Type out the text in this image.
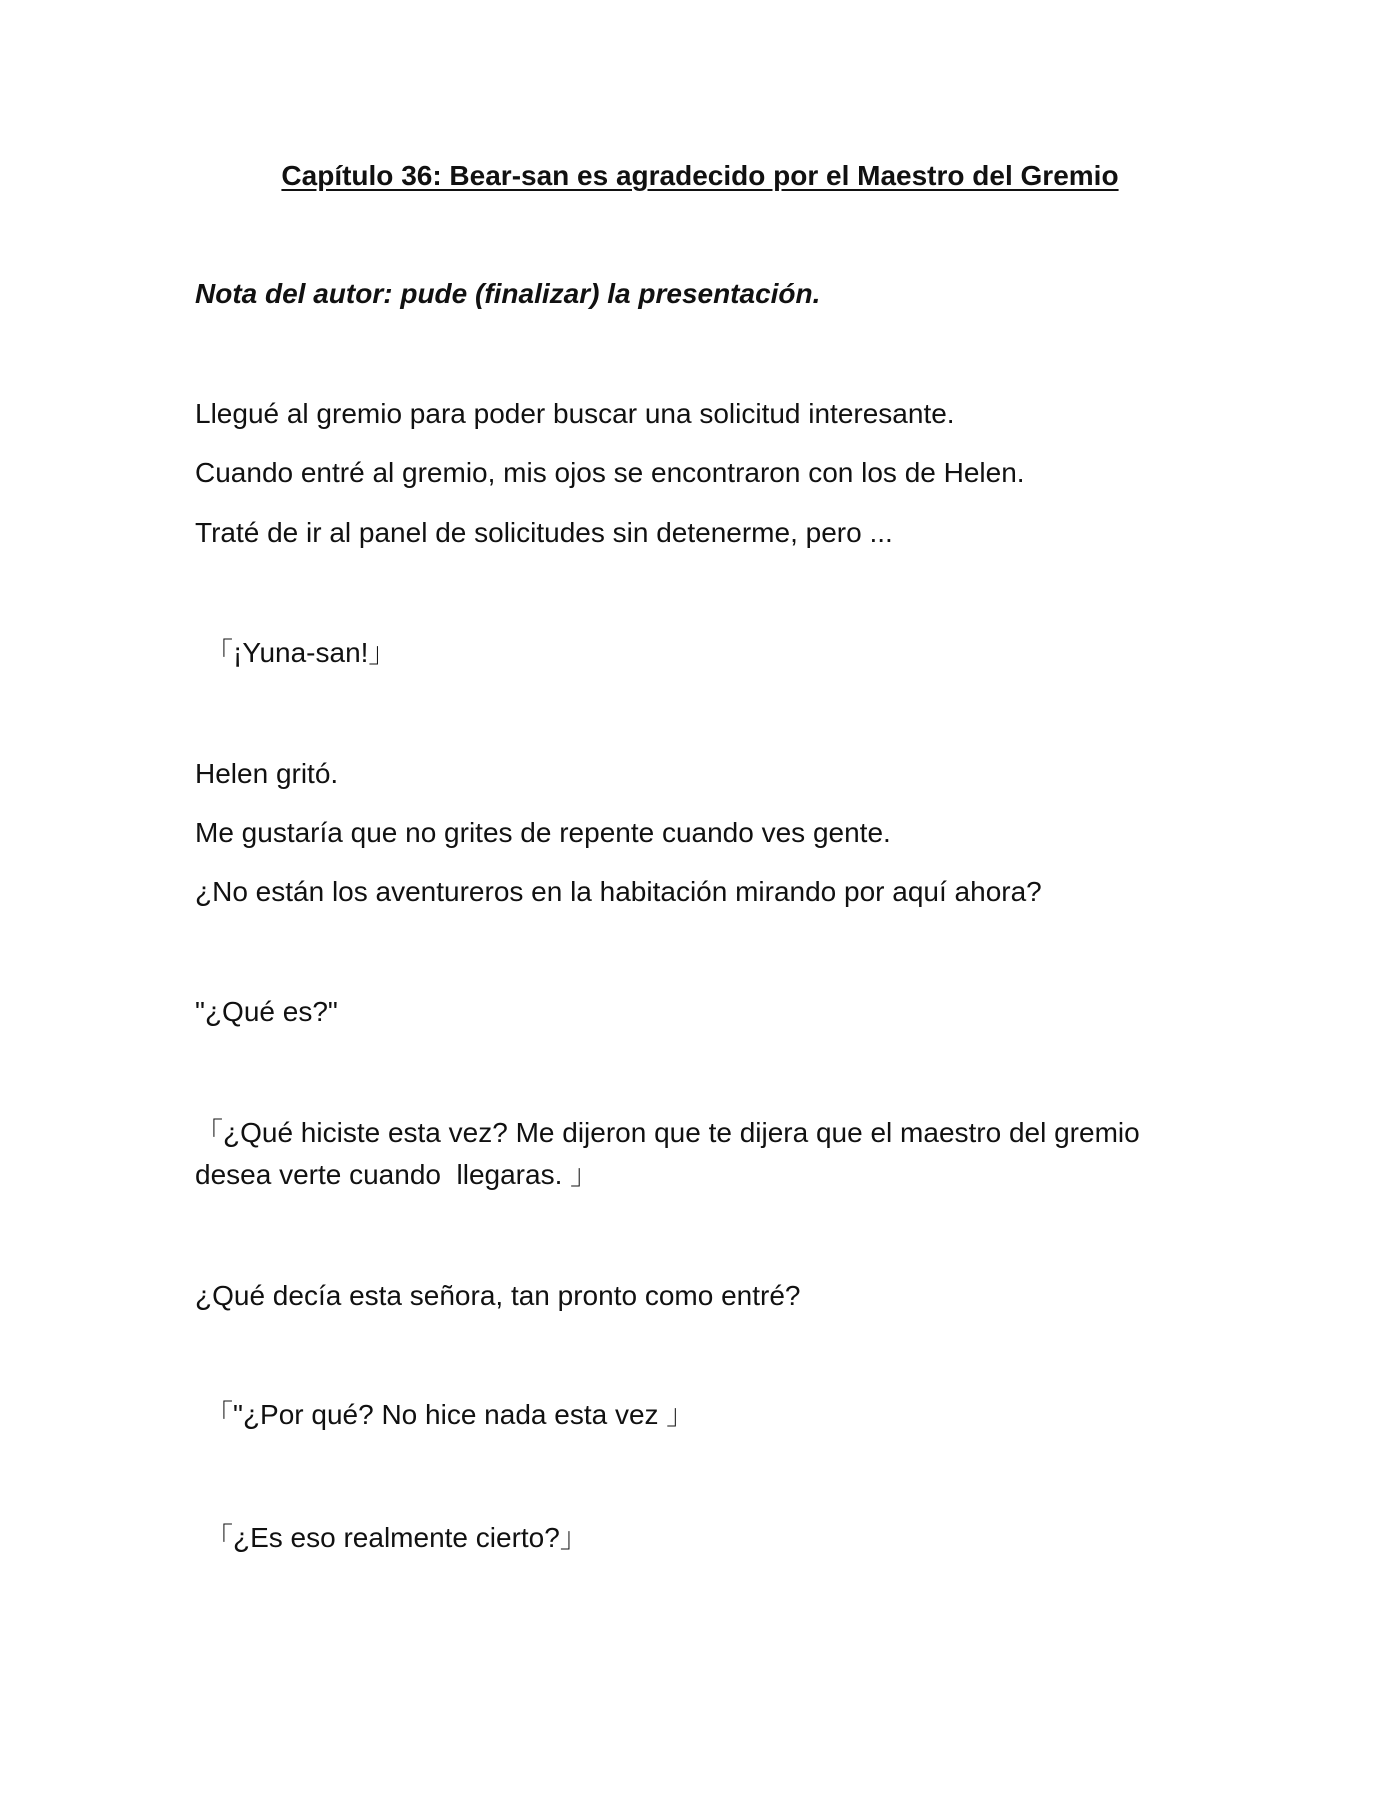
Capítulo 36: Bear-san es agradecido por el Maestro del Gremio

Nota del autor: pude (finalizar) la presentación.

Llegué al gremio para poder buscar una solicitud interesante.

Cuando entré al gremio, mis ojos se encontraron con los de Helen.

Traté de ir al panel de solicitudes sin detenerme, pero ...

「¡Yuna-san!」

Helen gritó.

Me gustaría que no grites de repente cuando ves gente.

¿No están los aventureros en la habitación mirando por aquí ahora?

"¿Qué es?"

「¿Qué hiciste esta vez? Me dijeron que te dijera que el maestro del gremio desea verte cuando  llegaras. 」

¿Qué decía esta señora, tan pronto como entré?

「"¿Por qué? No hice nada esta vez 」

「¿Es eso realmente cierto?」
